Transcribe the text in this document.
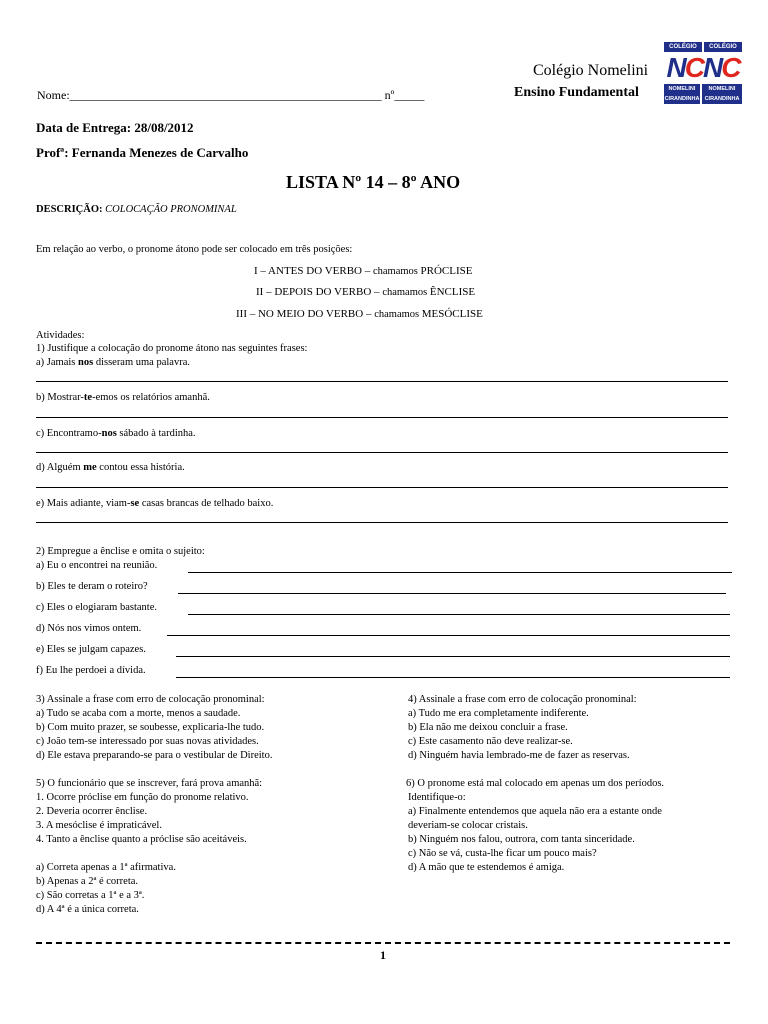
Colégio Nomelini
Ensino Fundamental
Nome:____________________________________________________ nº_____
COLÉGIO	COLÉGIO
NCNC
NOMELINI
CIRANDINHA
NOMELINI
CIRANDINHA
Data de Entrega: 28/08/2012
Profª: Fernanda Menezes de Carvalho
LISTA Nº 14 – 8º ANO
DESCRIÇÃO: COLOCAÇÃO PRONOMINAL
Em relação ao verbo, o pronome átono pode ser colocado em três posições:
I – ANTES DO VERBO – chamamos PRÓCLISE
II – DEPOIS DO VERBO – chamamos ÊNCLISE
III – NO MEIO DO VERBO – chamamos MESÓCLISE
Atividades:
1) Justifique a colocação do pronome átono nas seguintes frases:
a) Jamais nos disseram uma palavra.
b) Mostrar-te-emos os relatórios amanhã.
c) Encontramo-nos sábado à tardinha.
d) Alguém me contou essa história.
e) Mais adiante, viam-se casas brancas de telhado baixo.
2) Empregue a ênclise e omita o sujeito:
a) Eu o encontrei na reunião.
b) Eles te deram o roteiro?
c) Eles o elogiaram bastante.
d) Nós nos vimos ontem.
e) Eles se julgam capazes.
f) Eu lhe perdoei a dívida.
3) Assinale a frase com erro de colocação pronominal:
a) Tudo se acaba com a morte, menos a saudade.
b) Com muito prazer, se soubesse, explicaria-lhe tudo.
c) João tem-se interessado por suas novas atividades.
d) Ele estava preparando-se para o vestibular de Direito.
4) Assinale a frase com erro de colocação pronominal:
a) Tudo me era completamente indiferente.
b) Ela não me deixou concluir a frase.
c) Este casamento não deve realizar-se.
d) Ninguém havia lembrado-me de fazer as reservas.
5) O funcionário que se inscrever, fará prova amanhã:
1. Ocorre próclise em função do pronome relativo.
2. Deveria ocorrer ênclise.
3. A mesóclise é impraticável.
4. Tanto a ênclise quanto a próclise são aceitáveis.
a) Correta apenas a 1ª afirmativa.
b) Apenas a 2ª é correta.
c) São corretas a 1ª e a 3ª.
d) A 4ª é a única correta.
6) O pronome está mal colocado em apenas um dos períodos.
Identifique-o:
a) Finalmente entendemos que aquela não era a estante onde
deveriam-se colocar cristais.
b) Ninguém nos falou, outrora, com tanta sinceridade.
c) Não se vá, custa-lhe ficar um pouco mais?
d) A mão que te estendemos é amiga.
1
